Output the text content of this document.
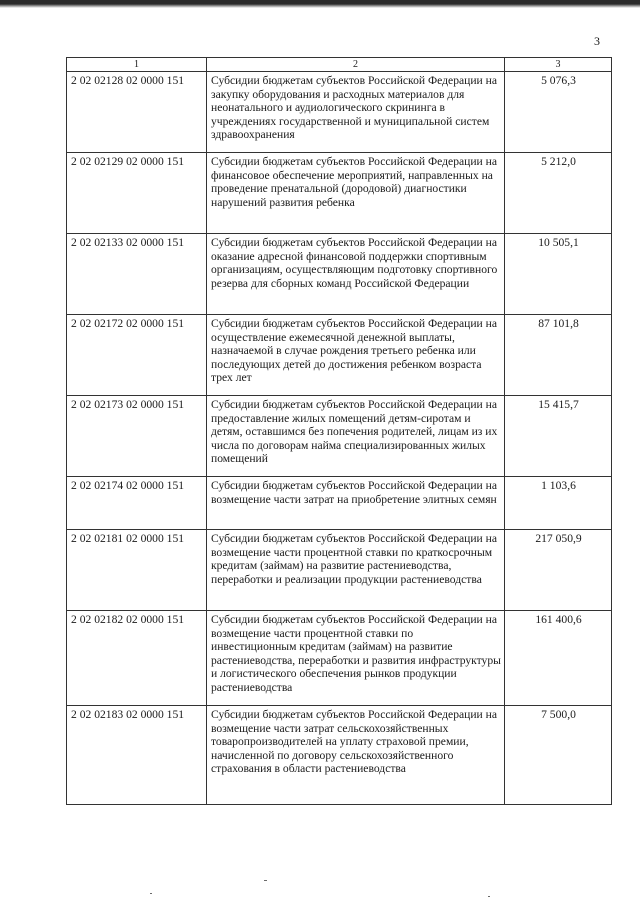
3
1	2	3
2 02 02128 02 0000 151	Субсидии бюджетам субъектов Российской Федерации на закупку оборудования и расходных материалов для неонатального и аудиологического скрининга в учреждениях государственной и муниципальной систем здравоохранения	5 076,3
2 02 02129 02 0000 151	Субсидии бюджетам субъектов Российской Федерации на финансовое обеспечение мероприятий, направленных на проведение пренатальной (дородовой) диагностики нарушений развития ребенка	5 212,0
2 02 02133 02 0000 151	Субсидии бюджетам субъектов Российской Федерации на оказание адресной финансовой поддержки спортивным организациям, осуществляющим подготовку спортивного резерва для сборных команд Российской Федерации	10 505,1
2 02 02172 02 0000 151	Субсидии бюджетам субъектов Российской Федерации на осуществление ежемесячной денежной выплаты, назначаемой в случае рождения третьего ребенка или последующих детей до достижения ребенком возраста трех лет	87 101,8
2 02 02173 02 0000 151	Субсидии бюджетам субъектов Российской Федерации на предоставление жилых помещений детям-сиротам и детям, оставшимся без попечения родителей, лицам из их числа по договорам найма специализированных жилых помещений	15 415,7
2 02 02174 02 0000 151	Субсидии бюджетам субъектов Российской Федерации на возмещение части затрат на приобретение элитных семян	1 103,6
2 02 02181 02 0000 151	Субсидии бюджетам субъектов Российской Федерации на возмещение части процентной ставки по краткосрочным кредитам (займам) на развитие растениеводства, переработки и реализации продукции растениеводства	217 050,9
2 02 02182 02 0000 151	Субсидии бюджетам субъектов Российской Федерации на возмещение части процентной ставки по инвестиционным кредитам (займам) на развитие растениеводства, переработки и развития инфраструктуры и логистического обеспечения рынков продукции растениеводства	161 400,6
2 02 02183 02 0000 151	Субсидии бюджетам субъектов Российской Федерации на возмещение части затрат сельскохозяйственных товаропроизводителей на уплату страховой премии, начисленной по договору сельскохозяйственного страхования в области растениеводства	7 500,0
